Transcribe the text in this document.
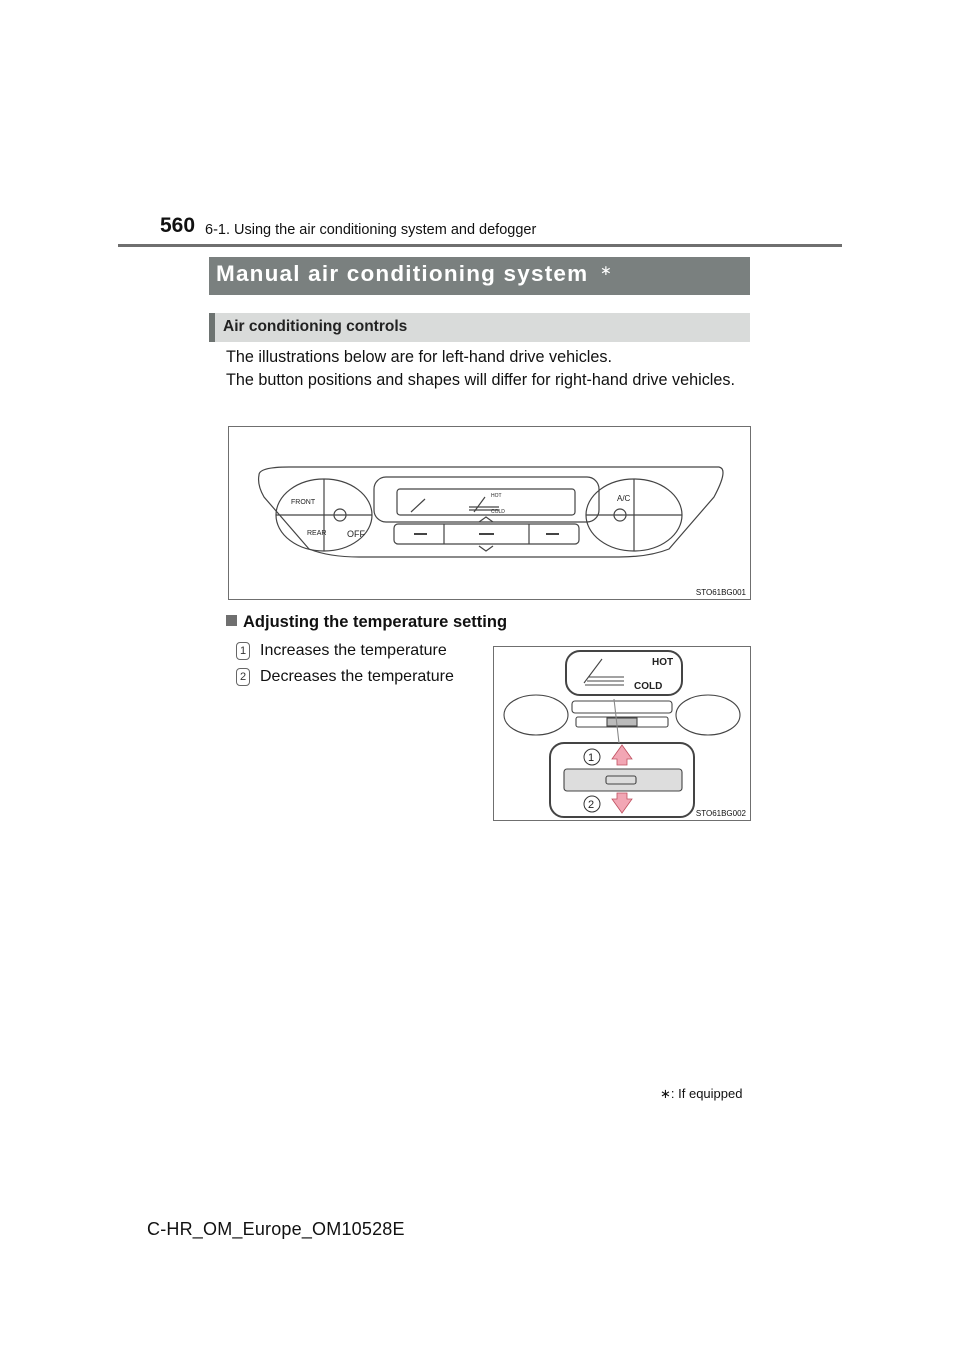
560 6-1. Using the air conditioning system and defogger
Manual air conditioning system ∗
Air conditioning controls

The illustrations below are for left-hand drive vehicles.

The button positions and shapes will differ for right-hand drive vehicles.

FRONT
REAR OFF
A/C
HOT
COLD
STO61BG001
Adjusting the temperature setting
1 Increases the temperature
2 Decreases the temperature
1
2
HOT
COLD
STO61BG002
∗: If equipped
C-HR_OM_Europe_OM10528E
